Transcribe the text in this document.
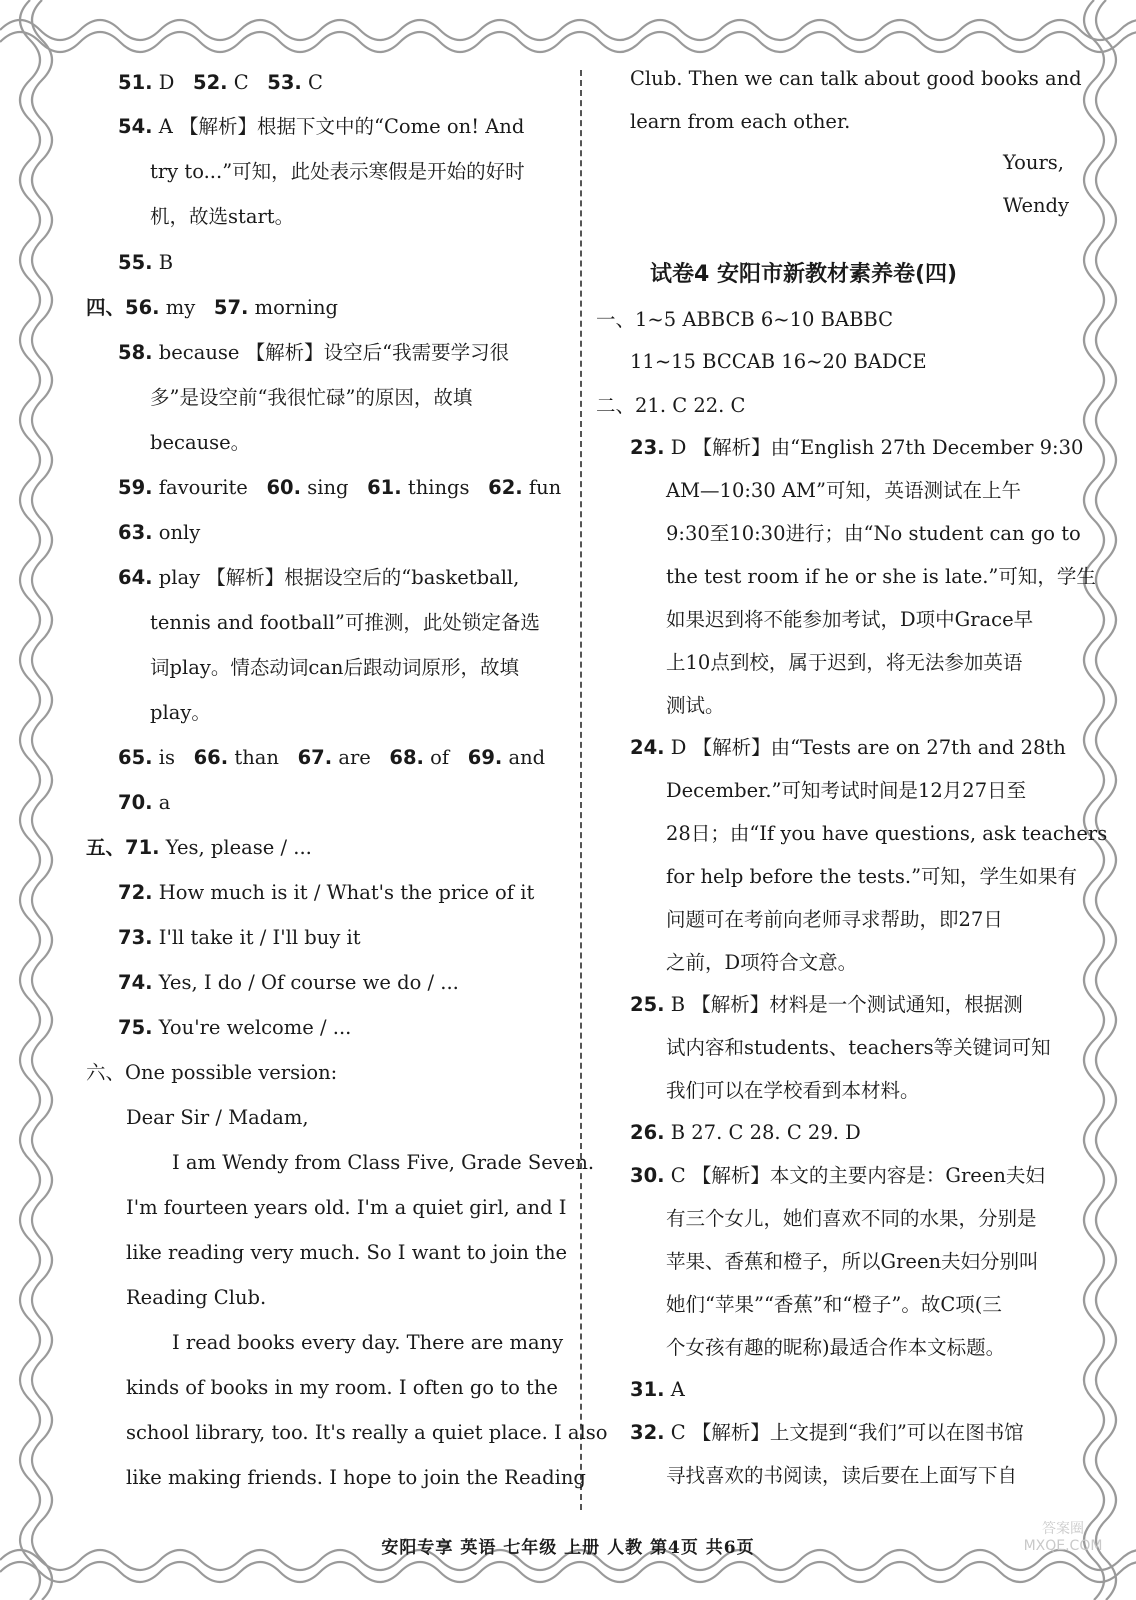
51. D 52. C 53. C
54. A 【解析】根据下文中的“Come on! And
try to...”可知，此处表示寒假是开始的好时
机，故选start。
55. B
四、56. my 57. morning
58. because 【解析】设空后“我需要学习很
多”是设空前“我很忙碌”的原因，故填
because。
59. favourite 60. sing 61. things 62. fun
63. only
64. play 【解析】根据设空后的“basketball,
tennis and football”可推测，此处锁定备选
词play。情态动词can后跟动词原形，故填
play。
65. is 66. than 67. are 68. of 69. and
70. a
五、71. Yes, please / ...
72. How much is it / What's the price of it
73. I'll take it / I'll buy it
74. Yes, I do / Of course we do / ...
75. You're welcome / ...
六、One possible version:
Dear Sir / Madam,
I am Wendy from Class Five, Grade Seven.
I'm fourteen years old. I'm a quiet girl, and I
like reading very much. So I want to join the
Reading Club.
I read books every day. There are many
kinds of books in my room. I often go to the
school library, too. It's really a quiet place. I also
like making friends. I hope to join the Reading
Club. Then we can talk about good books and
learn from each other.
Yours,
Wendy
试卷4 安阳市新教材素养卷(四)
一、1~5 ABBCB 6~10 BABBC
11~15 BCCAB 16~20 BADCE
二、21. C 22. C
23. D 【解析】由“English 27th December 9:30
AM—10:30 AM”可知，英语测试在上午
9:30至10:30进行；由“No student can go to
the test room if he or she is late.”可知，学生
如果迟到将不能参加考试，D项中Grace早
上10点到校，属于迟到，将无法参加英语
测试。
24. D 【解析】由“Tests are on 27th and 28th
December.”可知考试时间是12月27日至
28日；由“If you have questions, ask teachers
for help before the tests.”可知，学生如果有
问题可在考前向老师寻求帮助，即27日
之前，D项符合文意。
25. B 【解析】材料是一个测试通知，根据测
试内容和students、teachers等关键词可知
我们可以在学校看到本材料。
26. B 27. C 28. C 29. D
30. C 【解析】本文的主要内容是：Green夫妇
有三个女儿，她们喜欢不同的水果，分别是
苹果、香蕉和橙子，所以Green夫妇分别叫
她们“苹果”“香蕉”和“橙子”。故C项(三
个女孩有趣的昵称)最适合作本文标题。
31. A
32. C 【解析】上文提到“我们”可以在图书馆
寻找喜欢的书阅读，读后要在上面写下自
安阳专享 英语 七年级 上册 人教 第4页 共6页
答案圈 MXQE.COM
